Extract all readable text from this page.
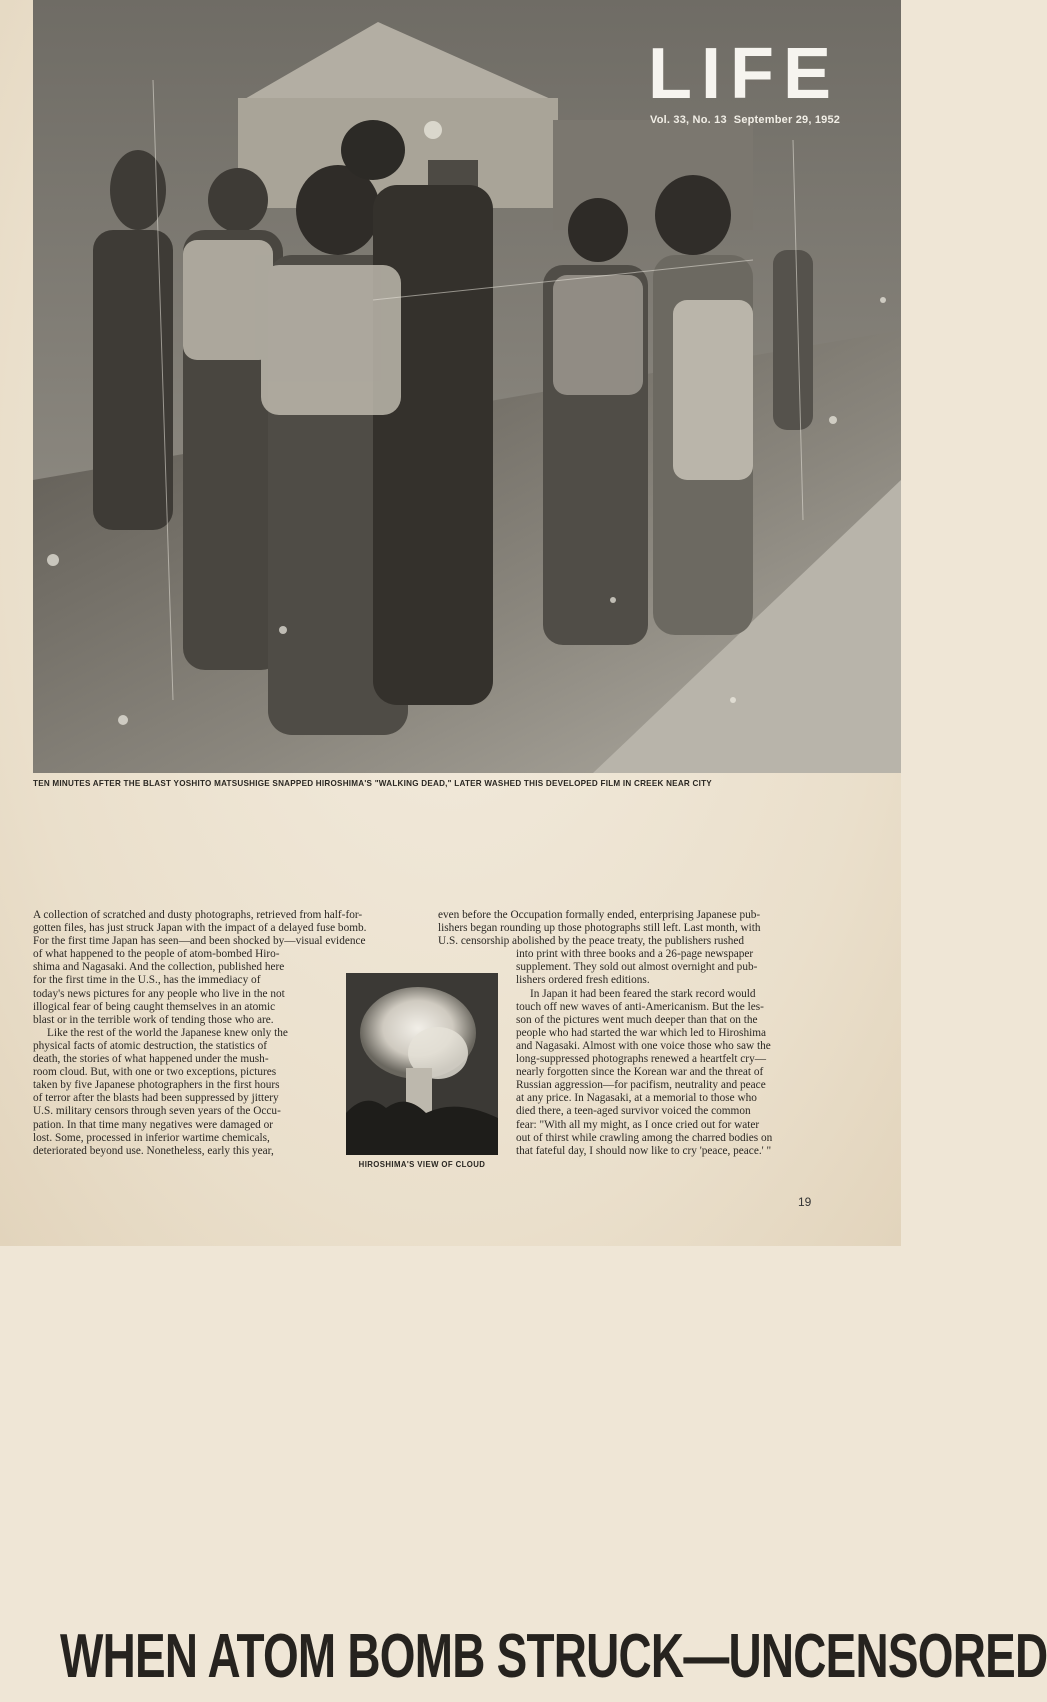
LIFE
Vol. 33, No. 13 September 29, 1952
TEN MINUTES AFTER THE BLAST YOSHITO MATSUSHIGE SNAPPED HIROSHIMA'S "WALKING DEAD," LATER WASHED THIS DEVELOPED FILM IN CREEK NEAR CITY
WHEN ATOM BOMB STRUCK—UNCENSORED

A collection of scratched and dusty photographs, retrieved from half-for-
gotten files, has just struck Japan with the impact of a delayed fuse bomb.
For the first time Japan has seen—and been shocked by—visual evidence
of what happened to the people of atom-bombed Hiro-
shima and Nagasaki. And the collection, published here
for the first time in the U.S., has the immediacy of
today's news pictures for any people who live in the not
illogical fear of being caught themselves in an atomic
blast or in the terrible work of tending those who are.

Like the rest of the world the Japanese knew only the
physical facts of atomic destruction, the statistics of
death, the stories of what happened under the mush-
room cloud. But, with one or two exceptions, pictures
taken by five Japanese photographers in the first hours
of terror after the blasts had been suppressed by jittery
U.S. military censors through seven years of the Occu-
pation. In that time many negatives were damaged or
lost. Some, processed in inferior wartime chemicals,
deteriorated beyond use. Nonetheless, early this year,
HIROSHIMA'S VIEW OF CLOUD
even before the Occupation formally ended, enterprising Japanese pub-
lishers began rounding up those photographs still left. Last month, with
U.S. censorship abolished by the peace treaty, the publishers rushed
into print with three books and a 26-page newspaper
supplement. They sold out almost overnight and pub-
lishers ordered fresh editions.
In Japan it had been feared the stark record would
touch off new waves of anti-Americanism. But the les-
son of the pictures went much deeper than that on the
people who had started the war which led to Hiroshima
and Nagasaki. Almost with one voice those who saw the
long-suppressed photographs renewed a heartfelt cry—
nearly forgotten since the Korean war and the threat of
Russian aggression—for pacifism, neutrality and peace
at any price. In Nagasaki, at a memorial to those who
died there, a teen-aged survivor voiced the common
fear: "With all my might, as I once cried out for water
out of thirst while crawling among the charred bodies on
that fateful day, I should now like to cry 'peace, peace.' "
19
